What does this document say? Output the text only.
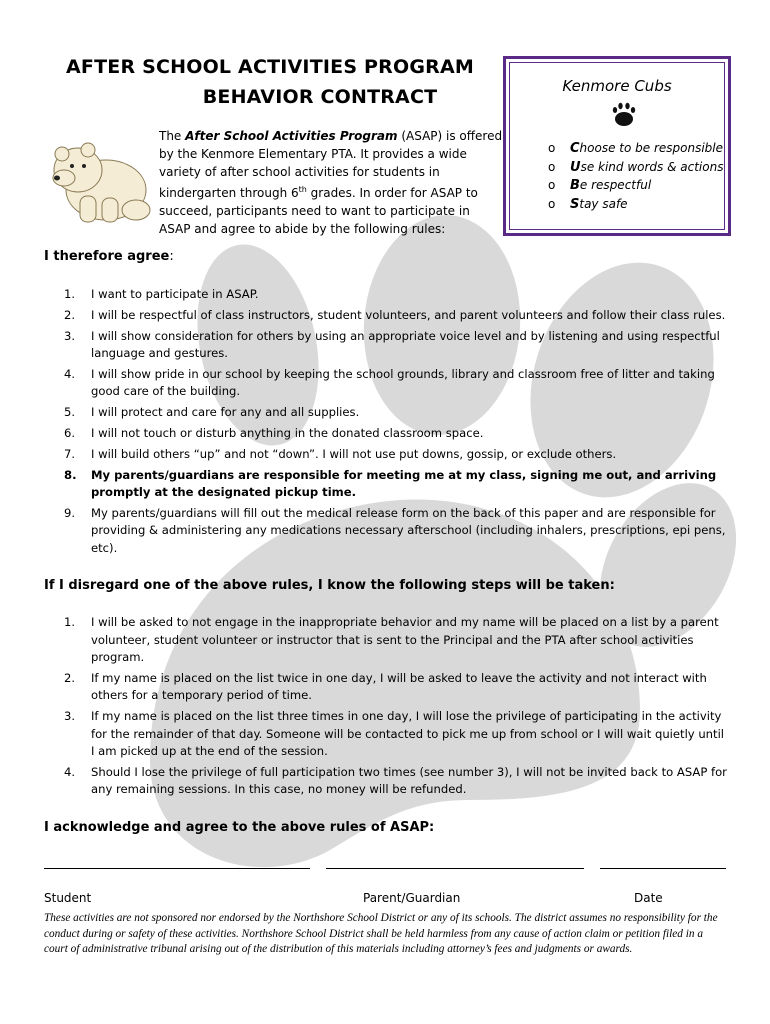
AFTER SCHOOL ACTIVITIES PROGRAM
BEHAVIOR CONTRACT
The After School Activities Program (ASAP) is offered by the Kenmore Elementary PTA. It provides a wide variety of after school activities for students in kindergarten through 6th grades. In order for ASAP to succeed, participants need to want to participate in ASAP and agree to abide by the following rules:
Kenmore Cubs
o Choose to be responsible
o Use kind words & actions
o Be respectful
o Stay safe
I therefore agree:
1. I want to participate in ASAP.
2. I will be respectful of class instructors, student volunteers, and parent volunteers and follow their class rules.
3. I will show consideration for others by using an appropriate voice level and by listening and using respectful language and gestures.
4. I will show pride in our school by keeping the school grounds, library and classroom free of litter and taking good care of the building.
5. I will protect and care for any and all supplies.
6. I will not touch or disturb anything in the donated classroom space.
7. I will build others “up” and not “down”. I will not use put downs, gossip, or exclude others.
8. My parents/guardians are responsible for meeting me at my class, signing me out, and arriving promptly at the designated pickup time.
9. My parents/guardians will fill out the medical release form on the back of this paper and are responsible for providing & administering any medications necessary afterschool (including inhalers, prescriptions, epi pens, etc).
If I disregard one of the above rules, I know the following steps will be taken:
1. I will be asked to not engage in the inappropriate behavior and my name will be placed on a list by a parent volunteer, student volunteer or instructor that is sent to the Principal and the PTA after school activities program.
2. If my name is placed on the list twice in one day, I will be asked to leave the activity and not interact with others for a temporary period of time.
3. If my name is placed on the list three times in one day, I will lose the privilege of participating in the activity for the remainder of that day. Someone will be contacted to pick me up from school or I will wait quietly until I am picked up at the end of the session.
4. Should I lose the privilege of full participation two times (see number 3), I will not be invited back to ASAP for any remaining sessions. In this case, no money will be refunded.
I acknowledge and agree to the above rules of ASAP:
Student	Parent/Guardian	Date
These activities are not sponsored nor endorsed by the Northshore School District or any of its schools. The district assumes no responsibility for the conduct during or safety of these activities. Northshore School District shall be held harmless from any cause of action claim or petition filed in a court of administrative tribunal arising out of the distribution of this materials including attorney’s fees and judgments or awards.
